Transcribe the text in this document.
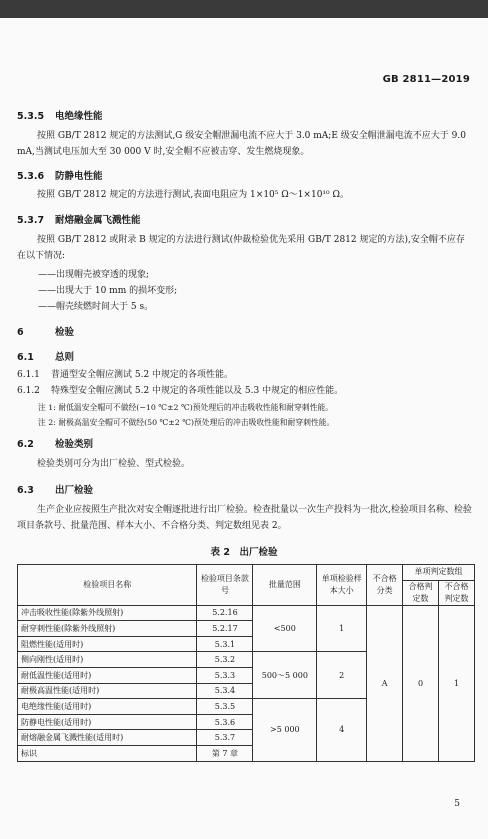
GB 2811—2019
5.3.5 电绝缘性能
按照 GB/T 2812 规定的方法测试,G 级安全帽泄漏电流不应大于 3.0 mA;E 级安全帽泄漏电流不应大于 9.0 mA,当测试电压加大至 30 000 V 时,安全帽不应被击穿、发生燃烧现象。
5.3.6 防静电性能
按照 GB/T 2812 规定的方法进行测试,表面电阻应为 1×10⁵ Ω～1×10¹⁰ Ω。
5.3.7 耐熔融金属飞溅性能
按照 GB/T 2812 或附录 B 规定的方法进行测试(仲裁检验优先采用 GB/T 2812 规定的方法),安全帽不应存在以下情况:
——出现帽壳被穿透的现象;
——出现大于 10 mm 的损坏变形;
——帽壳续燃时间大于 5 s。
6	检验
6.1 总则
6.1.1 普通型安全帽应测试 5.2 中规定的各项性能。
6.1.2 特殊型安全帽应测试 5.2 中规定的各项性能以及 5.3 中规定的相应性能。
注 1: 耐低温安全帽可不做经(−10 ℃±2 ℃)预处理后的冲击吸收性能和耐穿刺性能。
注 2: 耐极高温安全帽可不做经(50 ℃±2 ℃)预处理后的冲击吸收性能和耐穿刺性能。
6.2 检验类别
检验类别可分为出厂检验、型式检验。
6.3 出厂检验
生产企业应按照生产批次对安全帽逐批进行出厂检验。检查批量以一次生产投料为一批次,检验项目名称、检验项目条款号、批量范围、样本大小、不合格分类、判定数组见表 2。
表 2　出厂检验
检验项目名称	检验项目条款号	批量范围	单项检验样本大小	不合格分类	单项判定数组	
					合格判定数	不合格判定数
冲击吸收性能(除紫外线照射)	5.2.16	<500	1	A	0	1
耐穿刺性能(除紫外线照射)	5.2.17					
阻燃性能(适用时)	5.3.1					
侧向刚性(适用时)	5.3.2	500～5 000	2			
耐低温性能(适用时)	5.3.3					
耐极高温性能(适用时)	5.3.4					
电绝缘性能(适用时)	5.3.5	>5 000	4			
防静电性能(适用时)	5.3.6					
耐熔融金属飞溅性能(适用时)	5.3.7					
标识	第 7 章					
5
